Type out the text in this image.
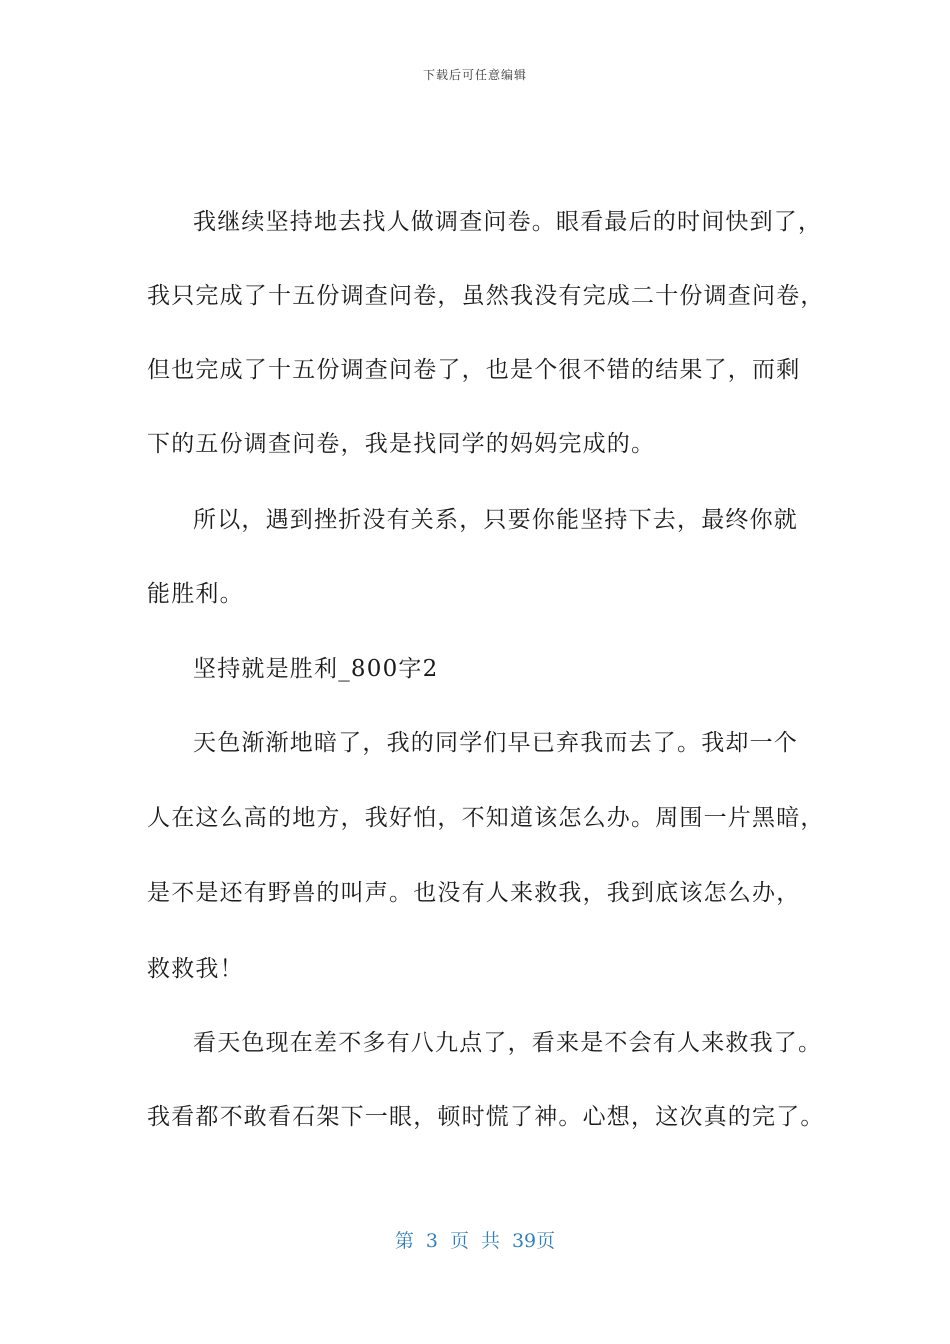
下载后可任意编辑
我继续坚持地去找人做调查问卷。眼看最后的时间快到了，
我只完成了十五份调查问卷，虽然我没有完成二十份调查问卷，
但也完成了十五份调查问卷了，也是个很不错的结果了，而剩
下的五份调查问卷，我是找同学的妈妈完成的。
所以，遇到挫折没有关系，只要你能坚持下去，最终你就
能胜利。
坚持就是胜利_800字2
天色渐渐地暗了，我的同学们早已弃我而去了。我却一个
人在这么高的地方，我好怕，不知道该怎么办。周围一片黑暗，
是不是还有野兽的叫声。也没有人来救我，我到底该怎么办，
救救我！
看天色现在差不多有八九点了，看来是不会有人来救我了。
我看都不敢看石架下一眼，顿时慌了神。心想，这次真的完了。
第 3 页 共 39页
